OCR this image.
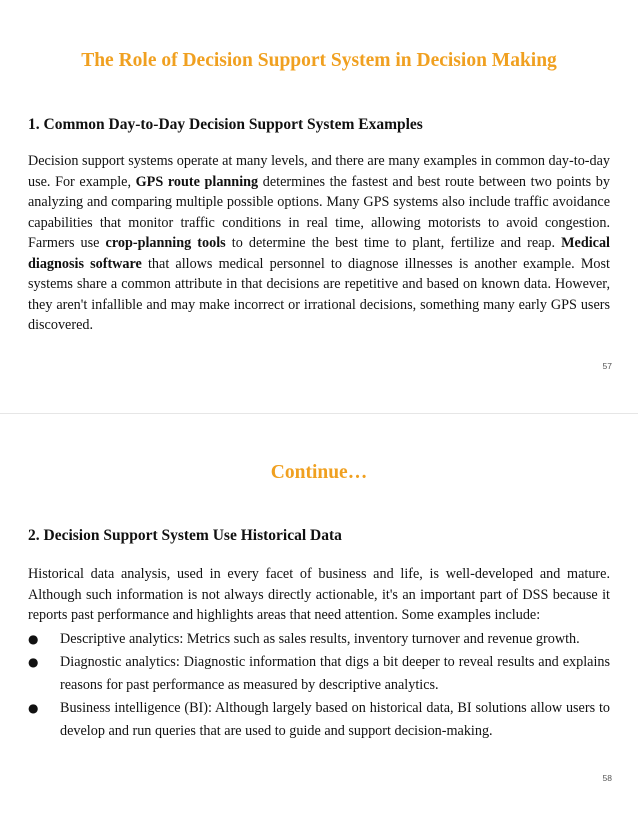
The Role of Decision Support System in Decision Making
1. Common Day-to-Day Decision Support System Examples

Decision support systems operate at many levels, and there are many examples in common day-to-day use. For example, GPS route planning determines the fastest and best route between two points by analyzing and comparing multiple possible options. Many GPS systems also include traffic avoidance capabilities that monitor traffic conditions in real time, allowing motorists to avoid congestion. Farmers use crop-planning tools to determine the best time to plant, fertilize and reap. Medical diagnosis software that allows medical personnel to diagnose illnesses is another example. Most systems share a common attribute in that decisions are repetitive and based on known data. However, they aren't infallible and may make incorrect or irrational decisions, something many early GPS users discovered.

57
Continue…
2. Decision Support System Use Historical Data

Historical data analysis, used in every facet of business and life, is well-developed and mature. Although such information is not always directly actionable, it's an important part of DSS because it reports past performance and highlights areas that need attention. Some examples include:

● Descriptive analytics: Metrics such as sales results, inventory turnover and revenue growth.
● Diagnostic analytics: Diagnostic information that digs a bit deeper to reveal results and explains reasons for past performance as measured by descriptive analytics.
● Business intelligence (BI): Although largely based on historical data, BI solutions allow users to develop and run queries that are used to guide and support decision-making.
58
